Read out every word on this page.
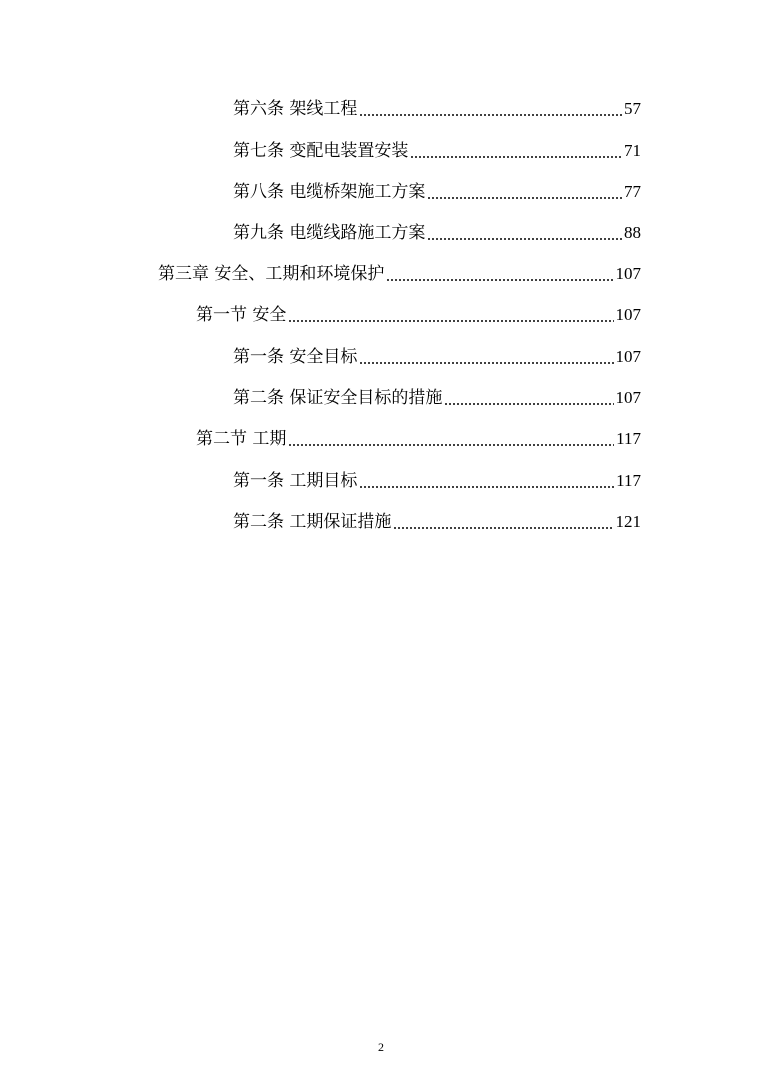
第六条 架线工程	57
第七条 变配电装置安装	71
第八条 电缆桥架施工方案	77
第九条 电缆线路施工方案	88
第三章 安全、工期和环境保护	107
第一节 安全	107
第一条 安全目标	107
第二条 保证安全目标的措施	107
第二节 工期	117
第一条 工期目标	117
第二条 工期保证措施	121
2
